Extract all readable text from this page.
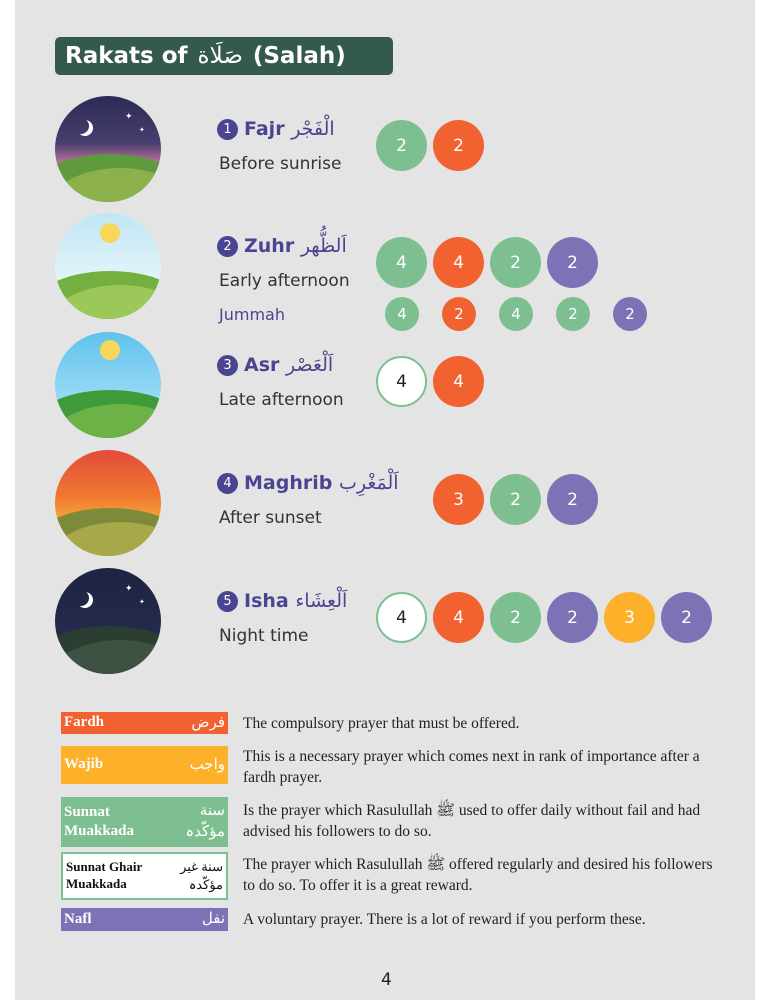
Rakats of صَلَاة (Salah)
✦
✦	1 Fajr الْفَجْر
Before sunrise
2	2
2 Zuhr اَلظُّهر
Early afternoon
4	4	2	2
Jummah	4	2	4	2	2
3 Asr اَلْعَصْر
Late afternoon
4	4
4 Maghrib اَلْمَغْرِب
After sunset
3	2	2
✦
✦	5 Isha اَلْعِشَاء
Night time
4	4	2	2	3	2
Fardh	فرض The compulsory prayer that must be offered.
Wajib	واجب This is a necessary prayer which comes next in rank of importance after a fardh prayer.
Sunnat Muakkada
سنة مؤكّدہ
Is the prayer which Rasulullah ﷺ used to offer daily without fail and had advised his followers to do so.
Sunnat Ghair Muakkada
سنة غير مؤكّدہ
The prayer which Rasulullah ﷺ offered regularly and desired his followers to do so. To offer it is a great reward.
Nafl	نفل A voluntary prayer. There is a lot of reward if you perform these.
4
